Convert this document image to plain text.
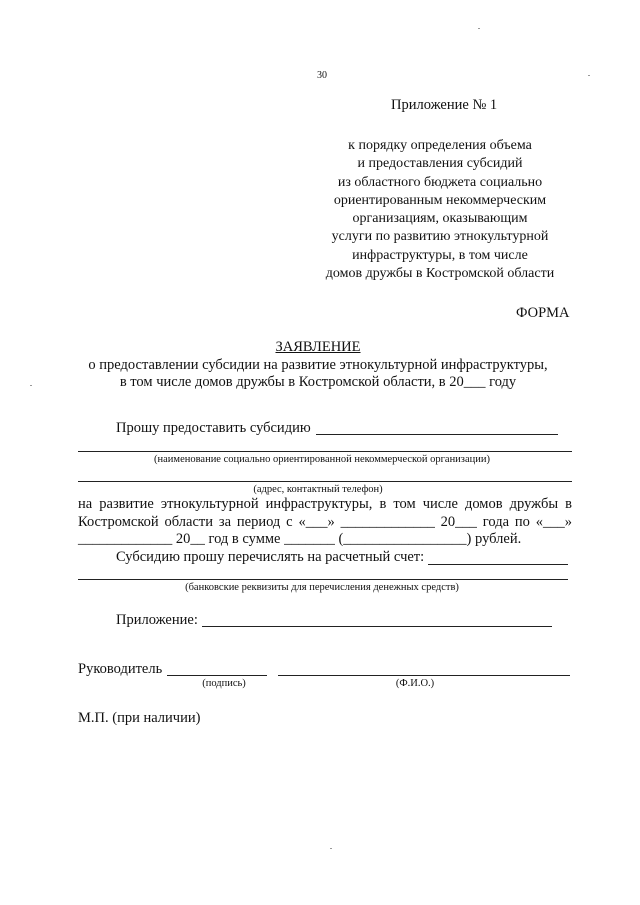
30
Приложение № 1
к порядку определения объема
и предоставления субсидий
из областного бюджета социально
ориентированным некоммерческим
организациям, оказывающим
услуги по развитию этнокультурной
инфраструктуры, в том числе
домов дружбы в Костромской области
ФОРМА
ЗАЯВЛЕНИЕ
о предоставлении субсидии на развитие этнокультурной инфраструктуры,
в том числе домов дружбы в Костромской области, в 20___ году
Прошу предоставить субсидию
(наименование социально ориентированной некоммерческой организации)
(адрес, контактный телефон)
на развитие этнокультурной инфраструктуры, в том числе домов дружбы в
Костромской области за период с «___» _____________ 20___ года по «___»
_____________ 20__ год в сумме _______ (_________________) рублей.
Субсидию прошу перечислять на расчетный счет:
(банковские реквизиты для перечисления денежных средств)
Приложение:
Руководитель
(подпись)	(Ф.И.О.)
М.П. (при наличии)
